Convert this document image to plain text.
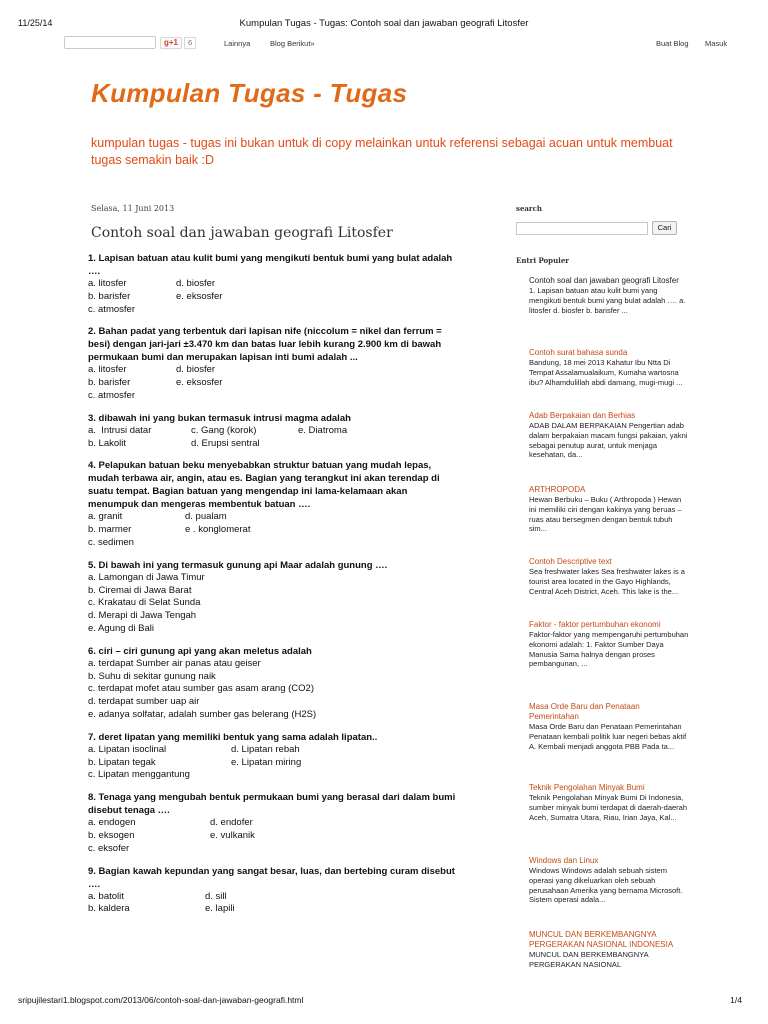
11/25/14	Kumpulan Tugas - Tugas: Contoh soal dan jawaban geografi Litosfer
g+1	6	Lainnya	Blog Berikut»	Buat Blog Masuk
Kumpulan Tugas - Tugas
kumpulan tugas - tugas ini bukan untuk di copy melainkan untuk referensi sebagai acuan untuk membuat tugas semakin baik :D
Selasa, 11 Juni 2013
Contoh soal dan jawaban geografi Litosfer
1. Lapisan batuan atau kulit bumi yang mengikuti bentuk bumi yang bulat adalah ….
a. litosfer	d. biosfer
b. barisfer	e. eksosfer
c. atmosfer
2. Bahan padat yang terbentuk dari lapisan nife (niccolum = nikel dan ferrum = besi) dengan jari-jari ±3.470 km dan batas luar lebih kurang 2.900 km di bawah permukaan bumi dan merupakan lapisan inti bumi adalah ...
a. litosfer	d. biosfer
b. barisfer	e. eksosfer
c. atmosfer
3. dibawah ini yang bukan termasuk intrusi magma adalah
a.  Intrusi datar	c. Gang (korok)	e. Diatroma
b. Lakolit	d. Erupsi sentral
4. Pelapukan batuan beku menyebabkan struktur batuan yang mudah lepas, mudah terbawa air, angin, atau es. Bagian yang terangkut ini akan terendap di suatu tempat. Bagian batuan yang mengendap ini lama-kelamaan akan menumpuk dan mengeras membentuk batuan ….
a. granit	d. pualam
b. marmer	e . konglomerat
c. sedimen
5. Di bawah ini yang termasuk gunung api Maar adalah gunung ….
a. Lamongan di Jawa Timur
b. Ciremai di Jawa Barat
c. Krakatau di Selat Sunda
d. Merapi di Jawa Tengah
e. Agung di Bali
6. ciri – ciri gunung api yang akan meletus adalah
a. terdapat Sumber air panas atau geiser
b. Suhu di sekitar gunung naik
c. terdapat mofet atau sumber gas asam arang (CO2)
d. terdapat sumber uap air
e. adanya solfatar, adalah sumber gas belerang (H2S)
7. deret lipatan yang memiliki bentuk yang sama adalah lipatan..
a. Lipatan isoclinal	d. Lipatan rebah
b. Lipatan tegak	e. Lipatan miring
c. Lipatan menggantung
8. Tenaga yang mengubah bentuk permukaan bumi yang berasal dari dalam bumi disebut tenaga ….
a. endogen	d. endofer
b. eksogen	e. vulkanik
c. eksofer
9. Bagian kawah kepundan yang sangat besar, luas, dan bertebing curam disebut ….
a. batolit	d. sill
b. kaldera	e. lapili
search
Cari
Entri Populer
Contoh soal dan jawaban geografi Litosfer
1. Lapisan batuan atau kulit bumi yang mengikuti bentuk bumi yang bulat adalah …. a. litosfer d. biosfer b. barisfer ...
Contoh surat bahasa sunda
Bandung, 18 mei 2013 Kahatur Ibu Ntta Di Tempat Assalamualaikum, Kumaha wartosna ibu? Alhamdulillah abdi damang, mugi-mugi ...
Adab Berpakaian dan Berhias
ADAB DALAM BERPAKAIAN Pengertian adab dalam berpakaian macam fungsi pakaian, yakni sebagai penutup aurat, untuk menjaga kesehatan, da...
ARTHROPODA
Hewan Berbuku – Buku ( Arthropoda ) Hewan ini memiliki ciri dengan kakinya yang beruas – ruas atau bersegmen dengan bentuk tubuh sim...
Contoh Descriptive text
Sea freshwater lakes Sea freshwater lakes is a tourist area located in the Gayo Highlands, Central Aceh District, Aceh. This lake is the...
Faktor - faktor pertumbuhan ekonomi
Faktor-faktor yang mempengaruhi pertumbuhan ekonomi adalah: 1. Faktor Sumber Daya Manusia Sama halnya dengan proses pembangunan, ...
Masa Orde Baru dan Penataan Pemerintahan
Masa Orde Baru dan Penataan Pemerintahan Penataan kembali politik luar negeri bebas aktif A. Kembali menjadi anggota PBB Pada ta...
Teknik Pengolahan Minyak Bumi
Teknik Pengolahan Minyak Bumi Di Indonesia, sumber minyak bumi terdapat di daerah-daerah Aceh, Sumatra Utara, Riau, Irian Jaya, Kal...
Windows dan Linux
Windows Windows adalah sebuah sistem operasi yang dikeluarkan oleh sebuah perusahaan Amerika yang bernama Microsoft. Sistem operasi adala...
MUNCUL DAN BERKEMBANGNYA PERGERAKAN NASIONAL INDONESIA
MUNCUL DAN BERKEMBANGNYA PERGERAKAN NASIONAL
sripujilestari1.blogspot.com/2013/06/contoh-soal-dan-jawaban-geografi.html	1/4
